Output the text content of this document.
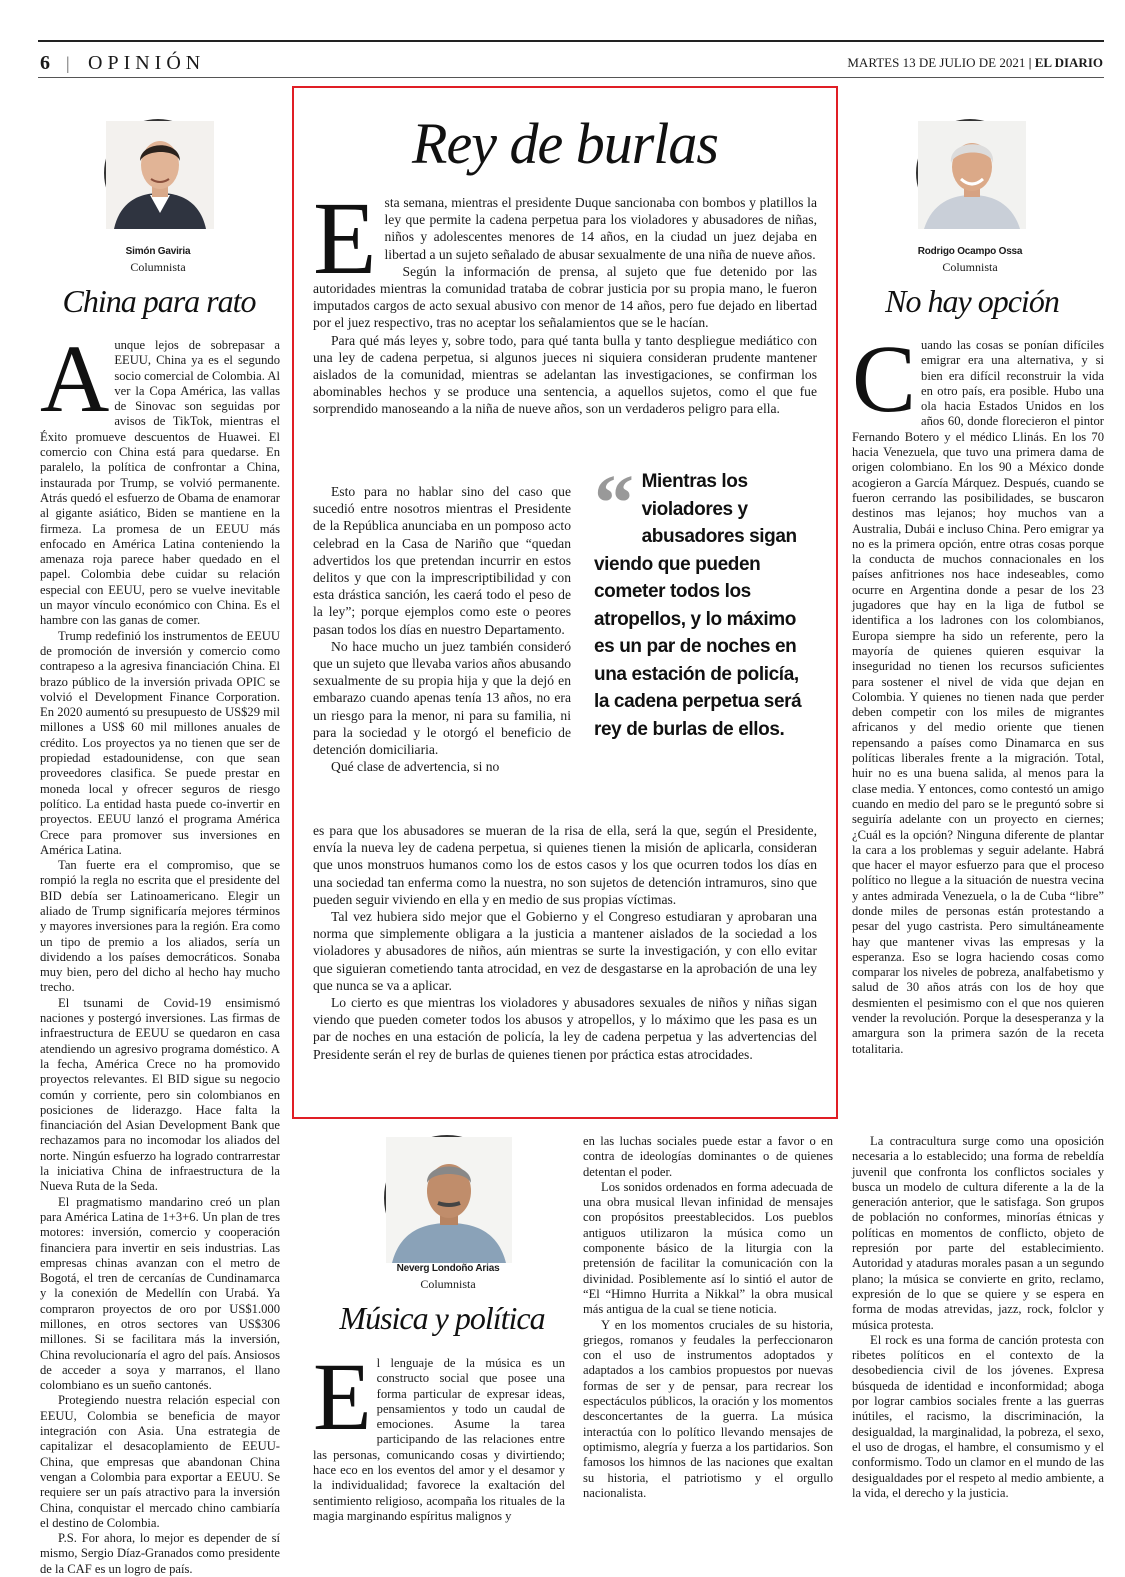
6 | OPINIÓN	MARTES 13 DE JULIO DE 2021 | EL DIARIO
Simón Gaviria
Columnista
China para rato

Aunque lejos de sobrepasar a EEUU, China ya es el segundo socio comercial de Colombia. Al ver la Copa América, las vallas de Sinovac son seguidas por avisos de TikTok, mientras el Éxito promueve descuentos de Huawei. El comercio con China está para quedarse. En paralelo, la política de confrontar a China, instaurada por Trump, se volvió permanente. Atrás quedó el esfuerzo de Obama de enamorar al gigante asiático, Biden se mantiene en la firmeza. La promesa de un EEUU más enfocado en América Latina conteniendo la amenaza roja parece haber quedado en el papel. Colombia debe cuidar su relación especial con EEUU, pero se vuelve inevitable un mayor vínculo económico con China. Es el hambre con las ganas de comer.

Trump redefinió los instrumentos de EEUU de promoción de inversión y comercio como contrapeso a la agresiva financiación China. El brazo público de la inversión privada OPIC se volvió el Development Finance Corporation. En 2020 aumentó su presupuesto de US$29 mil millones a US$ 60 mil millones anuales de crédito. Los proyectos ya no tienen que ser de propiedad estadounidense, con que sean proveedores clasifica. Se puede prestar en moneda local y ofrecer seguros de riesgo político. La entidad hasta puede co-invertir en proyectos. EEUU lanzó el programa América Crece para promover sus inversiones en América Latina.

Tan fuerte era el compromiso, que se rompió la regla no escrita que el presidente del BID debía ser Latinoamericano. Elegir un aliado de Trump significaría mejores términos y mayores inversiones para la región. Era como un tipo de premio a los aliados, sería un dividendo a los países democráticos. Sonaba muy bien, pero del dicho al hecho hay mucho trecho.

El tsunami de Covid-19 ensimismó naciones y postergó inversiones. Las firmas de infraestructura de EEUU se quedaron en casa atendiendo un agresivo programa doméstico. A la fecha, América Crece no ha promovido proyectos relevantes. El BID sigue su negocio común y corriente, pero sin colombianos en posiciones de liderazgo. Hace falta la financiación del Asian Development Bank que rechazamos para no incomodar los aliados del norte. Ningún esfuerzo ha logrado contrarrestar la iniciativa China de infraestructura de la Nueva Ruta de la Seda.

El pragmatismo mandarino creó un plan para América Latina de 1+3+6. Un plan de tres motores: inversión, comercio y cooperación financiera para invertir en seis industrias. Las empresas chinas avanzan con el metro de Bogotá, el tren de cercanías de Cundinamarca y la conexión de Medellín con Urabá. Ya compraron proyectos de oro por US$1.000 millones, en otros sectores van US$306 millones. Si se facilitara más la inversión, China revolucionaría el agro del país. Ansiosos de acceder a soya y marranos, el llano colombiano es un sueño cantonés.

Protegiendo nuestra relación especial con EEUU, Colombia se beneficia de mayor integración con Asia. Una estrategia de capitalizar el desacoplamiento de EEUU-China, que empresas que abandonan China vengan a Colombia para exportar a EEUU. Se requiere ser un país atractivo para la inversión China, conquistar el mercado chino cambiaría el destino de Colombia.

P.S. For ahora, lo mejor es depender de sí mismo, Sergio Díaz-Granados como presidente de la CAF es un logro de país.

Rey de burlas

Esta semana, mientras el presidente Duque sancionaba con bombos y platillos la ley que permite la cadena perpetua para los violadores y abusadores de niñas, niños y adolescentes menores de 14 años, en la ciudad un juez dejaba en libertad a un sujeto señalado de abusar sexualmente de una niña de nueve años.

Según la información de prensa, al sujeto que fue detenido por las autoridades mientras la comunidad trataba de cobrar justicia por su propia mano, le fueron imputados cargos de acto sexual abusivo con menor de 14 años, pero fue dejado en libertad por el juez respectivo, tras no aceptar los señalamientos que se le hacían.

Para qué más leyes y, sobre todo, para qué tanta bulla y tanto despliegue mediático con una ley de cadena perpetua, si algunos jueces ni siquiera consideran prudente mantener aislados de la comunidad, mientras se adelantan las investigaciones, se confirman los abominables hechos y se produce una sentencia, a aquellos sujetos, como el que fue sorprendido manoseando a la niña de nueve años, son un verdaderos peligro para ella.

Esto para no hablar sino del caso que sucedió entre nosotros mientras el Presidente de la República anunciaba en un pomposo acto celebrad en la Casa de Nariño que “quedan advertidos los que pretendan incurrir en estos delitos y que con la imprescriptibilidad y con esta drástica sanción, les caerá todo el peso de la ley”; porque ejemplos como este o peores pasan todos los días en nuestro Departamento.

No hace mucho un juez también consideró que un sujeto que llevaba varios años abusando sexualmente de su propia hija y que la dejó en embarazo cuando apenas tenía 13 años, no era un riesgo para la menor, ni para su familia, ni para la sociedad y le otorgó el beneficio de detención domiciliaria.

Qué clase de advertencia, si no

“ Mientras los violadores y abusadores sigan viendo que pueden cometer todos los atropellos, y lo máximo es un par de noches en una estación de policía, la cadena perpetua será rey de burlas de ellos.

es para que los abusadores se mueran de la risa de ella, será la que, según el Presidente, envía la nueva ley de cadena perpetua, si quienes tienen la misión de aplicarla, consideran que unos monstruos humanos como los de estos casos y los que ocurren todos los días en una sociedad tan enferma como la nuestra, no son sujetos de detención intramuros, sino que pueden seguir viviendo en ella y en medio de sus propias víctimas.

Tal vez hubiera sido mejor que el Gobierno y el Congreso estudiaran y aprobaran una norma que simplemente obligara a la justicia a mantener aislados de la sociedad a los violadores y abusadores de niños, aún mientras se surte la investigación, y con ello evitar que siguieran cometiendo tanta atrocidad, en vez de desgastarse en la aprobación de una ley que nunca se va a aplicar.

Lo cierto es que mientras los violadores y abusadores sexuales de niños y niñas sigan viendo que pueden cometer todos los abusos y atropellos, y lo máximo que les pasa es un par de noches en una estación de policía, la ley de cadena perpetua y las advertencias del Presidente serán el rey de burlas de quienes tienen por práctica estas atrocidades.

Rodrigo Ocampo Ossa
Columnista
No hay opción

Cuando las cosas se ponían difíciles emigrar era una alternativa, y si bien era difícil reconstruir la vida en otro país, era posible. Hubo una ola hacia Estados Unidos en los años 60, donde florecieron el pintor Fernando Botero y el médico Llinás. En los 70 hacia Venezuela, que tuvo una primera dama de origen colombiano. En los 90 a México donde acogieron a García Márquez. Después, cuando se fueron cerrando las posibilidades, se buscaron destinos mas lejanos; hoy muchos van a Australia, Dubái e incluso China. Pero emigrar ya no es la primera opción, entre otras cosas porque la conducta de muchos connacionales en los países anfitriones nos hace indeseables, como ocurre en Argentina donde a pesar de los 23 jugadores que hay en la liga de futbol se identifica a los ladrones con los colombianos, Europa siempre ha sido un referente, pero la mayoría de quienes quieren esquivar la inseguridad no tienen los recursos suficientes para sostener el nivel de vida que dejan en Colombia. Y quienes no tienen nada que perder deben competir con los miles de migrantes africanos y del medio oriente que tienen repensando a países como Dinamarca en sus políticas liberales frente a la migración. Total, huir no es una buena salida, al menos para la clase media. Y entonces, como contestó un amigo cuando en medio del paro se le preguntó sobre si seguiría adelante con un proyecto en ciernes; ¿Cuál es la opción? Ninguna diferente de plantar la cara a los problemas y seguir adelante. Habrá que hacer el mayor esfuerzo para que el proceso político no llegue a la situación de nuestra vecina y antes admirada Venezuela, o la de Cuba “libre” donde miles de personas están protestando a pesar del yugo castrista. Pero simultáneamente hay que mantener vivas las empresas y la esperanza. Eso se logra haciendo cosas como comparar los niveles de pobreza, analfabetismo y salud de 30 años atrás con los de hoy que desmienten el pesimismo con el que nos quieren vender la revolución. Porque la desesperanza y la amargura son la primera sazón de la receta totalitaria.

Neverg Londoño Arias
Columnista
Música y política

El lenguaje de la música es un constructo social que posee una forma particular de expresar ideas, pensamientos y todo un caudal de emociones. Asume la tarea participando de las relaciones entre las personas, comunicando cosas y divirtiendo; hace eco en los eventos del amor y el desamor y la individualidad; favorece la exaltación del sentimiento religioso, acompaña los rituales de la magia marginando espíritus malignos y

en las luchas sociales puede estar a favor o en contra de ideologías dominantes o de quienes detentan el poder.

Los sonidos ordenados en forma adecuada de una obra musical llevan infinidad de mensajes con propósitos preestablecidos. Los pueblos antiguos utilizaron la música como un componente básico de la liturgia con la pretensión de facilitar la comunicación con la divinidad. Posiblemente así lo sintió el autor de “El “Himno Hurrita a Nikkal” la obra musical más antigua de la cual se tiene noticia.

Y en los momentos cruciales de su historia, griegos, romanos y feudales la perfeccionaron con el uso de instrumentos adoptados y adaptados a los cambios propuestos por nuevas formas de ser y de pensar, para recrear los espectáculos públicos, la oración y los momentos desconcertantes de la guerra. La música interactúa con lo político llevando mensajes de optimismo, alegría y fuerza a los partidarios. Son famosos los himnos de las naciones que exaltan su historia, el patriotismo y el orgullo nacionalista.

La contracultura surge como una oposición necesaria a lo establecido; una forma de rebeldía juvenil que confronta los conflictos sociales y busca un modelo de cultura diferente a la de la generación anterior, que le satisfaga. Son grupos de población no conformes, minorías étnicas y políticas en momentos de conflicto, objeto de represión por parte del establecimiento. Autoridad y ataduras morales pasan a un segundo plano; la música se convierte en grito, reclamo, expresión de lo que se quiere y se espera en forma de modas atrevidas, jazz, rock, folclor y música protesta.

El rock es una forma de canción protesta con ribetes políticos en el contexto de la desobediencia civil de los jóvenes. Expresa búsqueda de identidad e inconformidad; aboga por lograr cambios sociales frente a las guerras inútiles, el racismo, la discriminación, la desigualdad, la marginalidad, la pobreza, el sexo, el uso de drogas, el hambre, el consumismo y el conformismo. Todo un clamor en el mundo de las desigualdades por el respeto al medio ambiente, a la vida, el derecho y la justicia.
